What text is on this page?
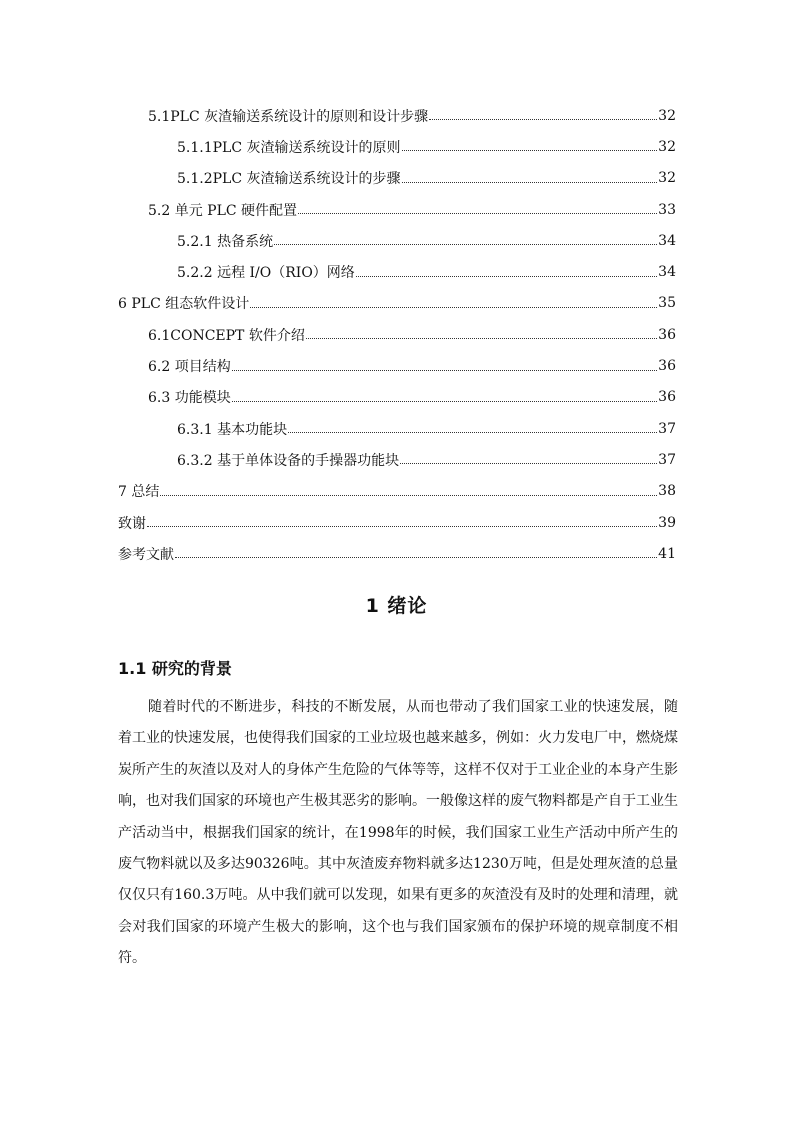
5.1PLC 灰渣输送系统设计的原则和设计步骤	32
5.1.1PLC 灰渣输送系统设计的原则	32
5.1.2PLC 灰渣输送系统设计的步骤	32
5.2 单元 PLC 硬件配置	33
5.2.1 热备系统	34
5.2.2 远程 I/O（RIO）网络	34
6 PLC 组态软件设计	35
6.1CONCEPT 软件介绍	36
6.2 项目结构	36
6.3 功能模块	36
6.3.1 基本功能块	37
6.3.2 基于单体设备的手操器功能块	37
7 总结	38
致谢	39
参考文献	41
1 绪论
1.1 研究的背景

随着时代的不断进步，科技的不断发展，从而也带动了我们国家工业的快速发展，随着工业的快速发展，也使得我们国家的工业垃圾也越来越多，例如：火力发电厂中，燃烧煤炭所产生的灰渣以及对人的身体产生危险的气体等等，这样不仅对于工业企业的本身产生影响，也对我们国家的环境也产生极其恶劣的影响。一般像这样的废气物料都是产自于工业生产活动当中，根据我们国家的统计，在1998年的时候，我们国家工业生产活动中所产生的废气物料就以及多达90326吨。其中灰渣废弃物料就多达1230万吨，但是处理灰渣的总量仅仅只有160.3万吨。从中我们就可以发现，如果有更多的灰渣没有及时的处理和清理，就会对我们国家的环境产生极大的影响，这个也与我们国家颁布的保护环境的规章制度不相符。
